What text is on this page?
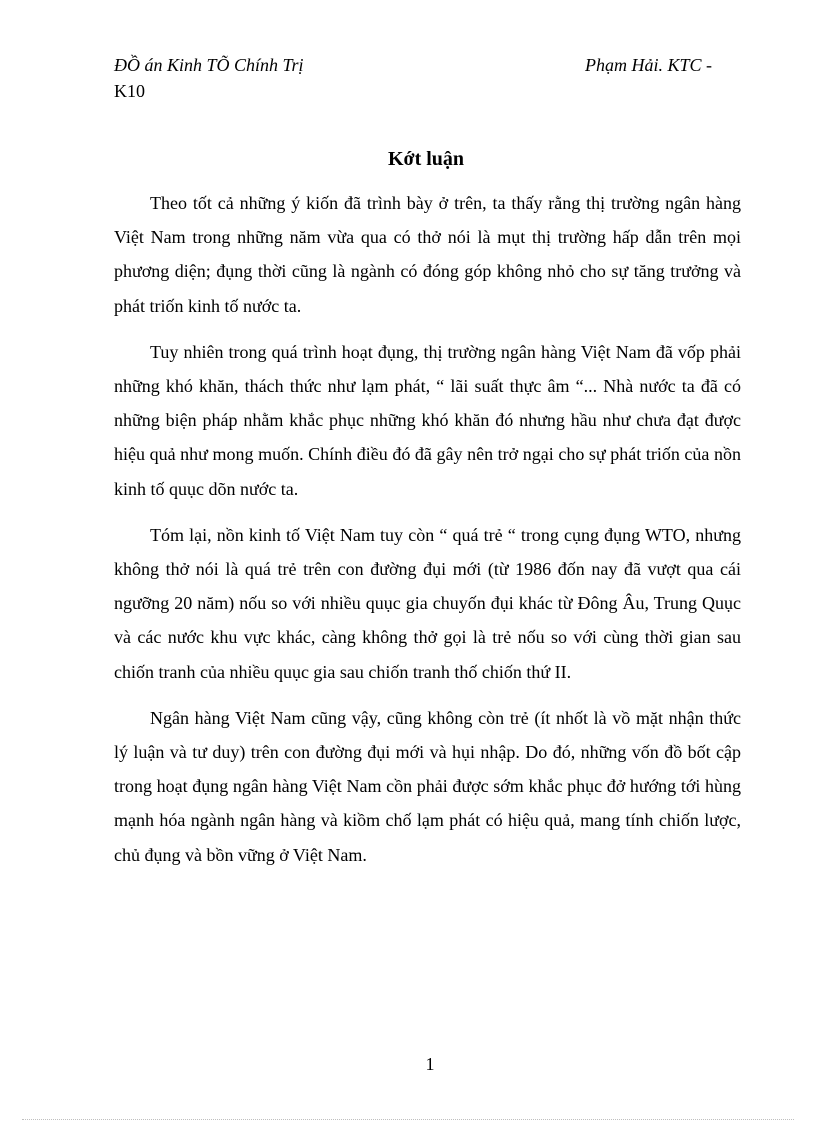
ĐỒ án Kinh TÕ Chính Trị
K10
Phạm Hải. KTC -
Kớt luận

Theo tốt cả những ý kiốn đã trình bày ở trên, ta thấy rằng thị trường ngân hàng Việt Nam trong những năm vừa qua có thở nói là mụt thị trường hấp dẫn trên mọi phương diện; đụng thời cũng là ngành có đóng góp không nhỏ cho sự tăng trưởng và phát triốn kinh tố nước ta.

Tuy nhiên trong quá trình hoạt đụng, thị trường ngân hàng Việt Nam đã vốp phải những khó khăn, thách thức như lạm phát, “ lãi suất thực âm “... Nhà nước ta đã có những biện pháp nhằm khắc phục những khó khăn đó nhưng hầu như chưa đạt được hiệu quả như mong muốn. Chính điều đó đã gây nên trở ngại cho sự phát triốn của nồn kinh tố quục dõn nước ta.

Tóm lại, nồn kinh tố Việt Nam tuy còn “ quá trẻ “ trong cụng đụng WTO, nhưng không thở nói là quá trẻ trên con đường đụi mới (từ 1986 đốn nay đã vượt qua cái ngưỡng 20 năm) nốu so với nhiều quục gia chuyốn đụi khác từ Đông Âu, Trung Quục và các nước khu vực khác, càng không thở gọi là trẻ nốu so với cùng thời gian sau chiốn tranh của nhiều quục gia sau chiốn tranh thố chiốn thứ II.

Ngân hàng Việt Nam cũng vậy, cũng không còn trẻ (ít nhốt là vồ mặt nhận thức lý luận và tư duy) trên con đường đụi mới và hụi nhập. Do đó, những vốn đồ bốt cập trong hoạt đụng ngân hàng Việt Nam cồn phải được sớm khắc phục đở hướng tới hùng mạnh hóa ngành ngân hàng và kiồm chố lạm phát có hiệu quả, mang tính chiốn lược, chủ đụng và bồn vững ở Việt Nam.

1
